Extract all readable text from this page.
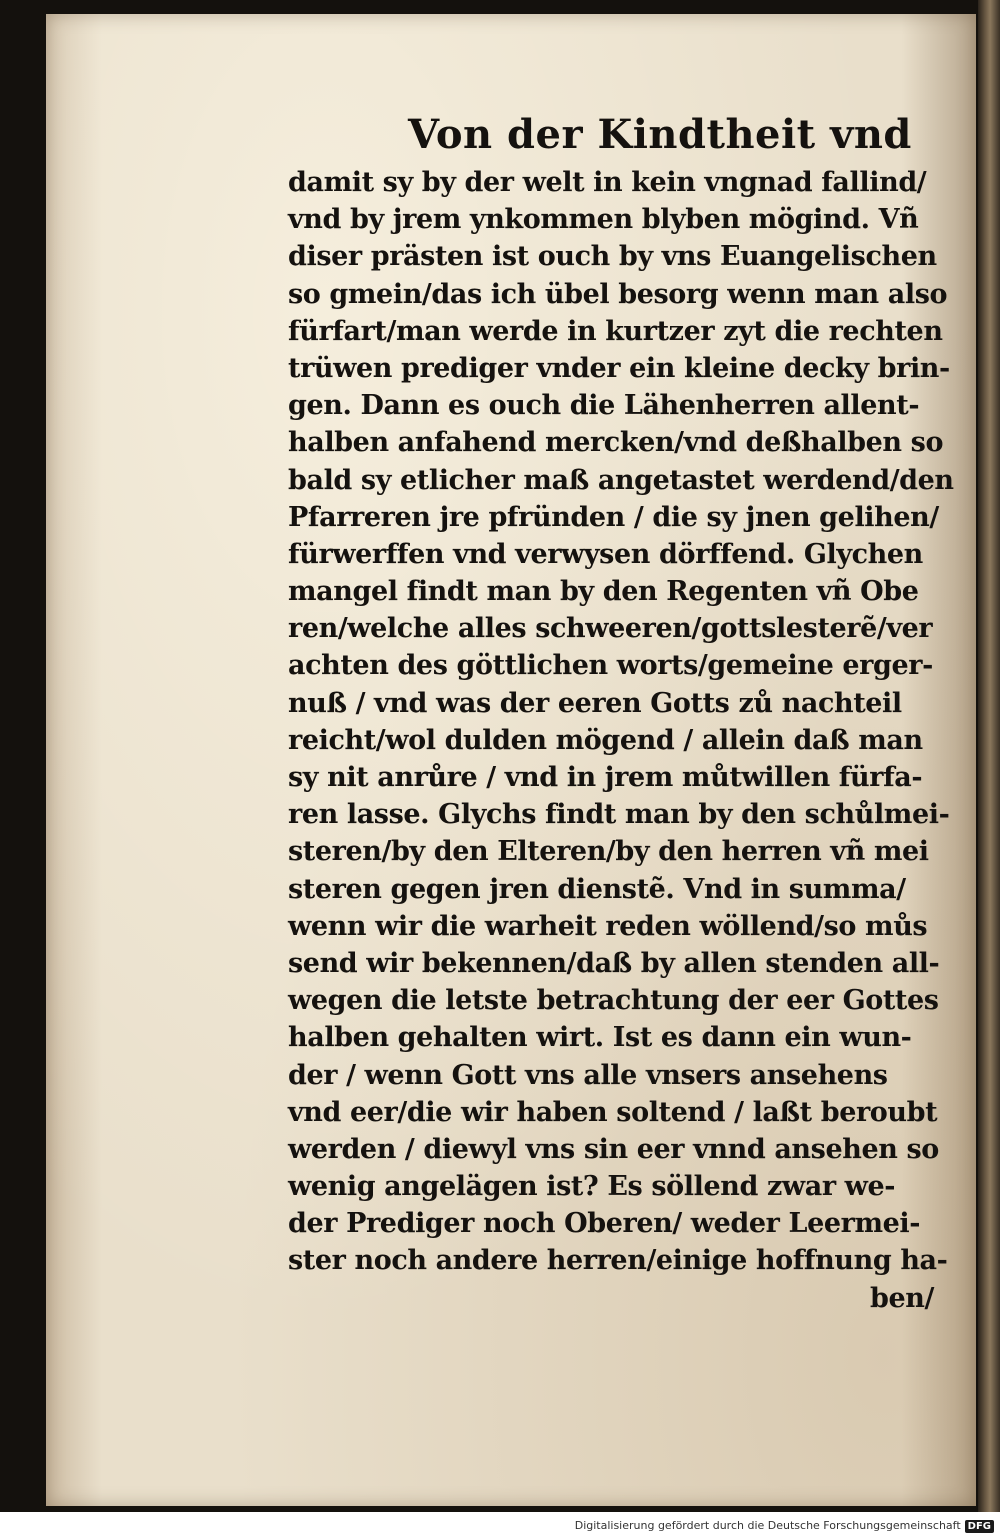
Von der Kindtheit vnd
damit sy by der welt in kein vngnad fallind/
vnd by jrem ynkommen blyben mögind. Vñ
diser prästen ist ouch by vns Euangelischen
so gmein/das ich übel besorg wenn man also
fürfart/man werde in kurtzer zyt die rechten
trüwen prediger vnder ein kleine decky brin-
gen. Dann es ouch die Lähenherren allent-
halben anfahend mercken/vnd deßhalben so
bald sy etlicher maß angetastet werdend/den
Pfarreren jre pfründen / die sy jnen gelihen/
fürwerffen vnd verwysen dörffend. Glychen
mangel findt man by den Regenten vñ Obe
ren/welche alles schweeren/gottslesterẽ/ver
achten des göttlichen worts/gemeine erger-
nuß / vnd was der eeren Gotts zů nachteil
reicht/wol dulden mögend / allein daß man
sy nit anrůre / vnd in jrem můtwillen fürfa-
ren lasse. Glychs findt man by den schůlmei-
steren/by den Elteren/by den herren vñ mei
steren gegen jren dienstẽ. Vnd in summa/
wenn wir die warheit reden wöllend/so můs
send wir bekennen/daß by allen stenden all-
wegen die letste betrachtung der eer Gottes
halben gehalten wirt. Ist es dann ein wun-
der / wenn Gott vns alle vnsers ansehens
vnd eer/die wir haben soltend / laßt beroubt
werden / diewyl vns sin eer vnnd ansehen so
wenig angelägen ist? Es söllend zwar we-
der Prediger noch Oberen/ weder Leermei-
ster noch andere herren/einige hoffnung ha-
ben/
Digitalisierung gefördert durch die Deutsche Forschungsgemeinschaft DFG
